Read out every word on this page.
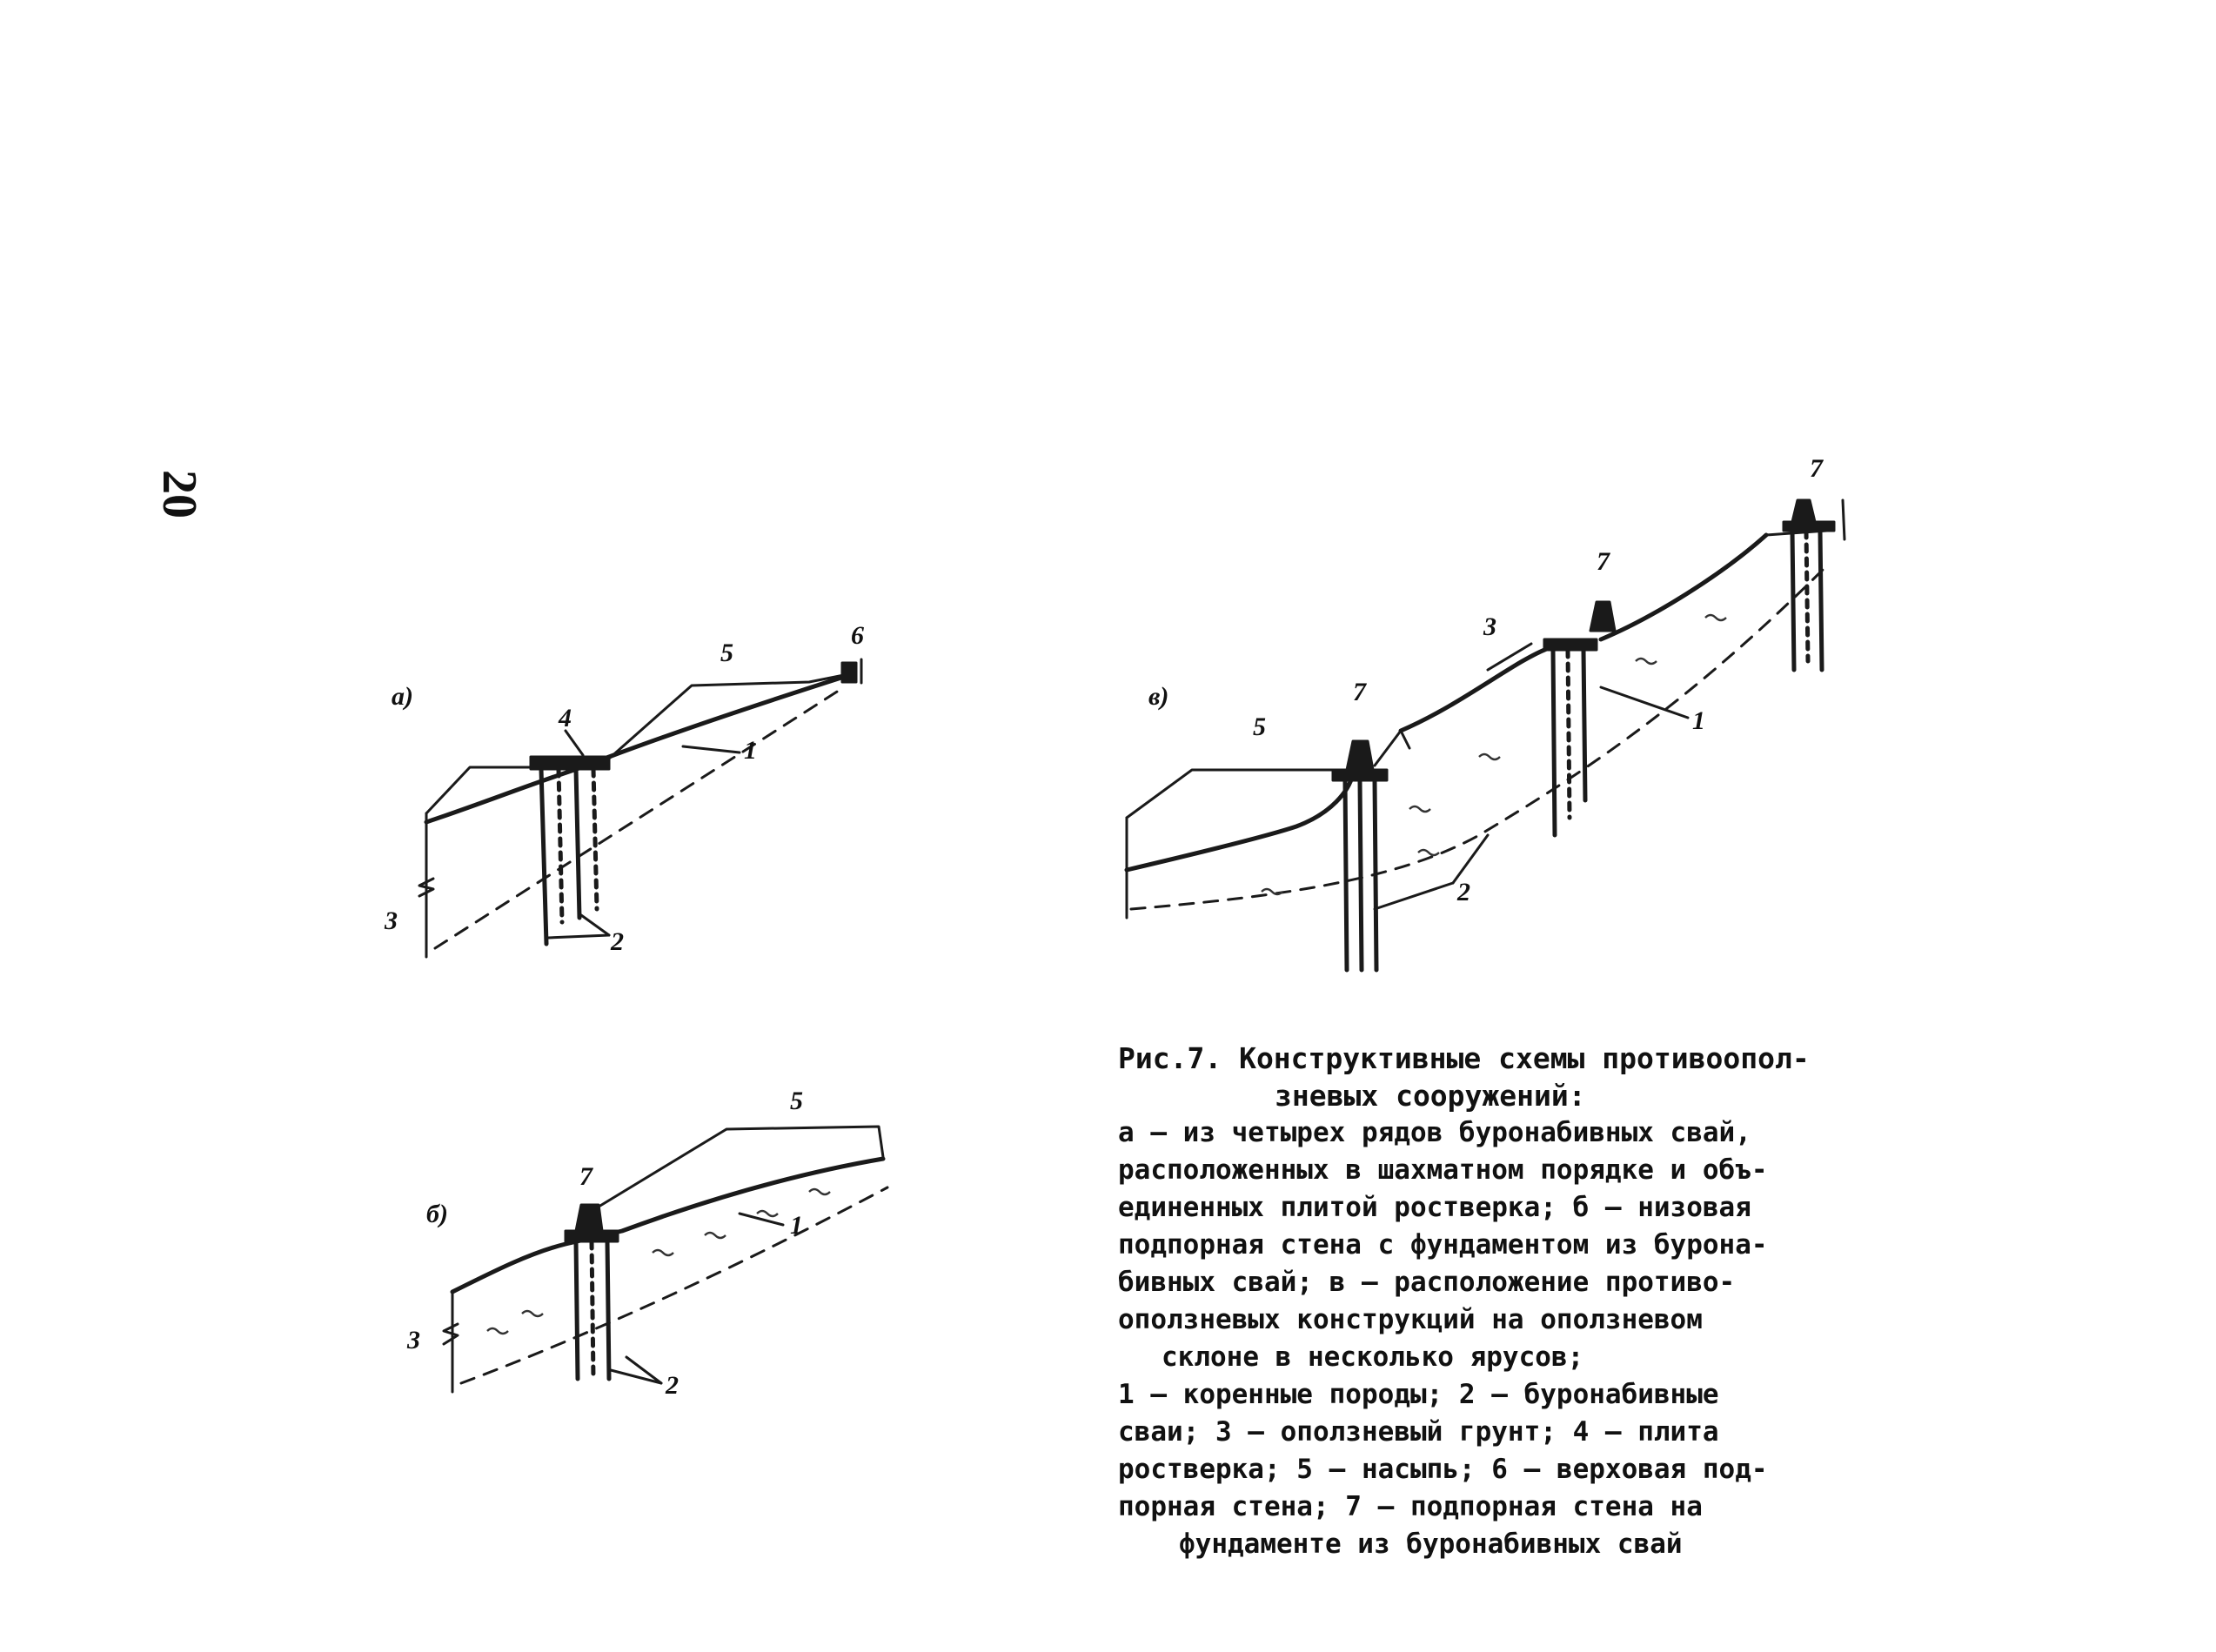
20
а)
1
2
3
4
5
6
б)	1
2
3
5
7
в)
1
2
3
5
7
7
7
Рис.7. Конструктивные схемы противоопол-
зневых сооружений:
а – из четырех рядов буронабивных свай,
расположенных в шахматном порядке и объ-
единенных плитой ростверка; б – низовая
подпорная стена с фундаментом из бурона-
бивных свай; в – расположение противо-
оползневых конструкций на оползневом
склоне в несколько ярусов;
1 – коренные породы; 2 – буронабивные
сваи; 3 – оползневый грунт; 4 – плита
ростверка; 5 – насыпь; 6 – верховая под-
порная стена; 7 – подпорная стена на
фундаменте из буронабивных свай
